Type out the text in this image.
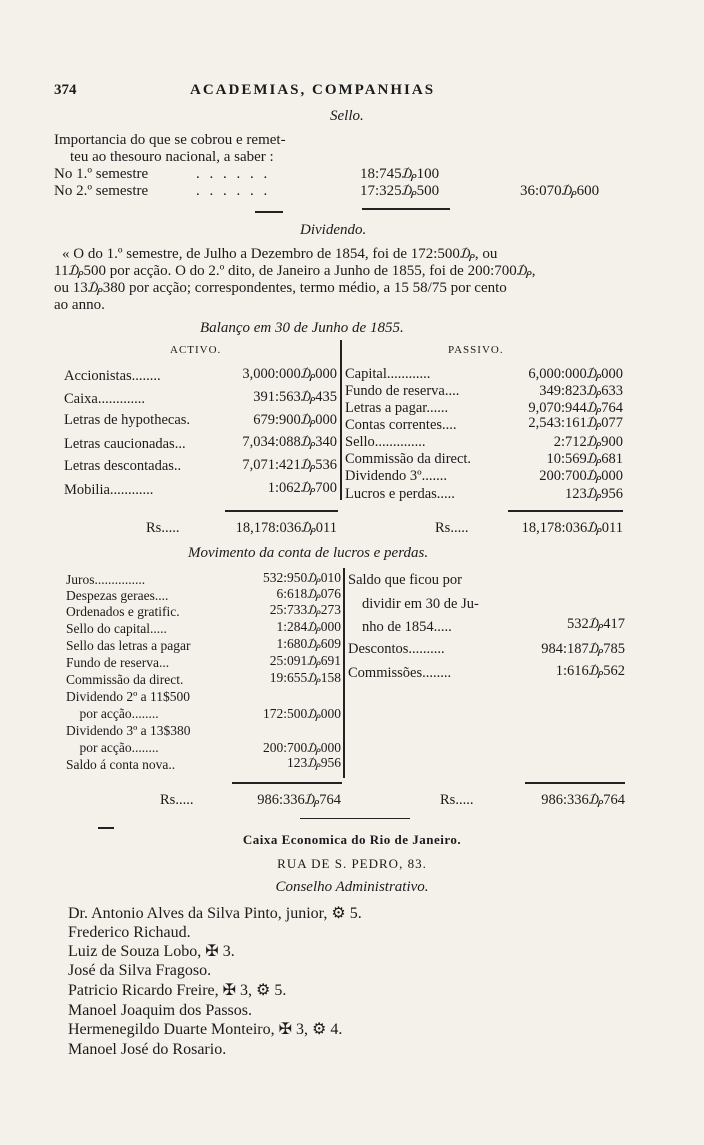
374	ACADEMIAS, COMPANHIAS
Sello.
Importancia do que se cobrou e remet-
teu ao thesouro nacional, a saber :
No 1.º semestre	. . . . . .	18:745₯100
No 2.º semestre	. . . . . .	17:325₯500	36:070₯600
Dividendo.
« O do 1.º semestre, de Julho a Dezembro de 1854, foi de 172:500₯, ou
11₯500 por acção. O do 2.º dito, de Janeiro a Junho de 1855, foi de 200:700₯,
ou 13₯380 por acção; correspondentes, termo médio, a 15 58/75 por cento
ao anno.
Balanço em 30 de Junho de 1855.
ACTIVO.	PASSIVO.
Accionistas........	3,000:000₯000
Caixa.............	391:563₯435
Letras de hypothecas.	679:900₯000
Letras caucionadas...	7,034:088₯340
Letras descontadas..	7,071:421₯536
Mobilia............	1:062₯700
Capital............	6,000:000₯000
Fundo de reserva....	349:823₯633
Letras a pagar......	9,070:944₯764
Contas correntes....	2,543:161₯077
Sello..............	2:712₯900
Commissão da direct.	10:569₯681
Dividendo 3º.......	200:700₯000
Lucros e perdas.....	123₯956
Rs.....	18,178:036₯011	Rs.....	18,178:036₯011
Movimento da conta de lucros e perdas.
Juros...............	532:950₯010
Despezas geraes....	6:618₯076
Ordenados e gratific.	25:733₯273
Sello do capital.....	1:284₯000
Sello das letras a pagar	1:680₯609
Fundo de reserva...	25:091₯691
Commissão da direct.	19:655₯158
Dividendo 2º a 11$500
por acção........	172:500₯000
Dividendo 3º a 13$380
por acção........	200:700₯000
Saldo á conta nova..	123₯956
Saldo que ficou por
dividir em 30 de Ju-
nho de 1854.....	532₯417
Descontos..........	984:187₯785
Commissões........	1:616₯562
Rs.....	986:336₯764	Rs.....	986:336₯764
Caixa Economica do Rio de Janeiro.
RUA DE S. PEDRO, 83.
Conselho Administrativo.
Dr. Antonio Alves da Silva Pinto, junior, ⚙ 5.
Frederico Richaud.
Luiz de Souza Lobo, ✠ 3.
José da Silva Fragoso.
Patricio Ricardo Freire, ✠ 3, ⚙ 5.
Manoel Joaquim dos Passos.
Hermenegildo Duarte Monteiro, ✠ 3, ⚙ 4.
Manoel José do Rosario.
